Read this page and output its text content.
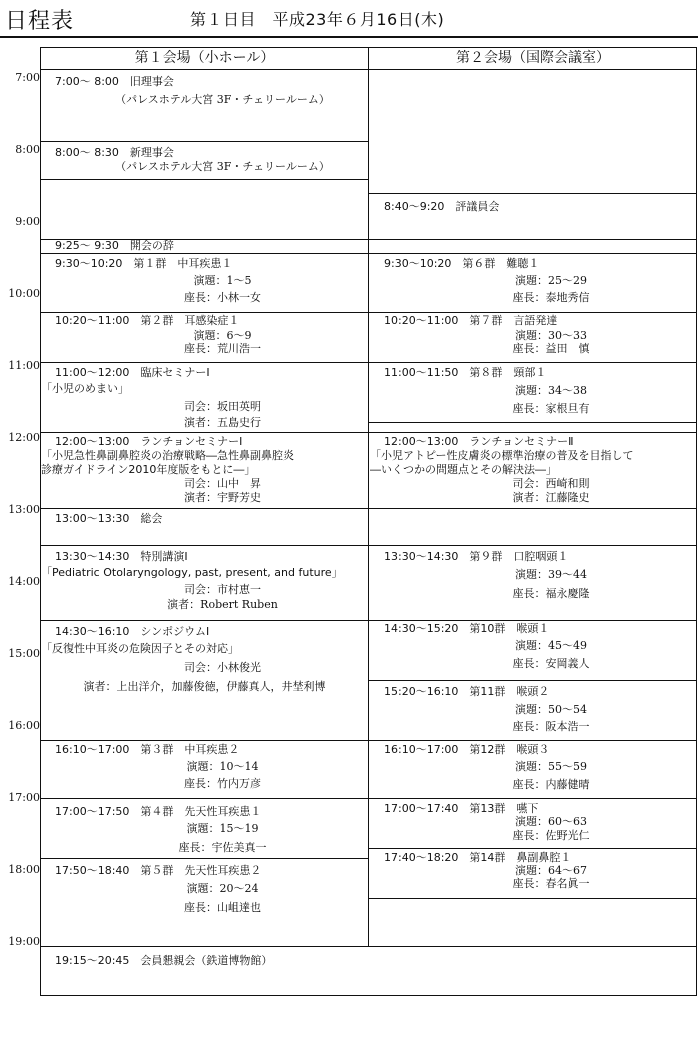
日程表	第１日目　平成23年６月16日(木)
7:00
8:00
9:00
10:00
11:00
12:00
13:00
14:00
15:00
16:00
17:00
18:00
19:00
第１会場（小ホール）	第２会場（国際会議室）
7:00〜 8:00　旧理事会
（パレスホテル大宮 3F・チェリールーム）
8:00〜 8:30　新理事会
（パレスホテル大宮 3F・チェリールーム）
9:25〜 9:30　開会の辞
9:30〜10:20　第１群　中耳疾患１
演題：1〜5
座長：小林一女
10:20〜11:00　第２群　耳感染症１
演題：6〜9
座長：荒川浩一
11:00〜12:00　臨床セミナーⅠ
「小児のめまい」
司会：坂田英明
演者：五島史行
12:00〜13:00　ランチョンセミナーⅠ
「小児急性鼻副鼻腔炎の治療戦略―急性鼻副鼻腔炎
診療ガイドライン2010年度版をもとに―」
司会：山中　昇
演者：宇野芳史
13:00〜13:30　総会
13:30〜14:30　特別講演Ⅰ
「Pediatric Otolaryngology, past, present, and future」
司会：市村恵一
演者：Robert Ruben
14:30〜16:10　シンポジウムⅠ
「反復性中耳炎の危険因子とその対応」
司会：小林俊光
演者：上出洋介，加藤俊徳，伊藤真人，井埜利博
16:10〜17:00　第３群　中耳疾患２
演題：10〜14
座長：竹内万彦
17:00〜17:50　第４群　先天性耳疾患１
演題：15〜19
座長：宇佐美真一
17:50〜18:40　第５群　先天性耳疾患２
演題：20〜24
座長：山岨達也
19:15〜20:45　会員懇親会（鉄道博物館）
8:40〜9:20　評議員会
9:30〜10:20　第６群　難聴１
演題：25〜29
座長：泰地秀信
10:20〜11:00　第７群　言語発達
演題：30〜33
座長：益田　慎
11:00〜11:50　第８群　頸部１
演題：34〜38
座長：家根旦有
12:00〜13:00　ランチョンセミナーⅡ
「小児アトピー性皮膚炎の標準治療の普及を目指して
―いくつかの問題点とその解決法―」
司会：西崎和則
演者：江藤隆史
13:30〜14:30　第９群　口腔咽頭１
演題：39〜44
座長：福永慶隆
14:30〜15:20　第10群　喉頭１
演題：45〜49
座長：安岡義人
15:20〜16:10　第11群　喉頭２
演題：50〜54
座長：阪本浩一
16:10〜17:00　第12群　喉頭３
演題：55〜59
座長：内藤健晴
17:00〜17:40　第13群　嚥下
演題：60〜63
座長：佐野光仁
17:40〜18:20　第14群　鼻副鼻腔１
演題：64〜67
座長：春名眞一
